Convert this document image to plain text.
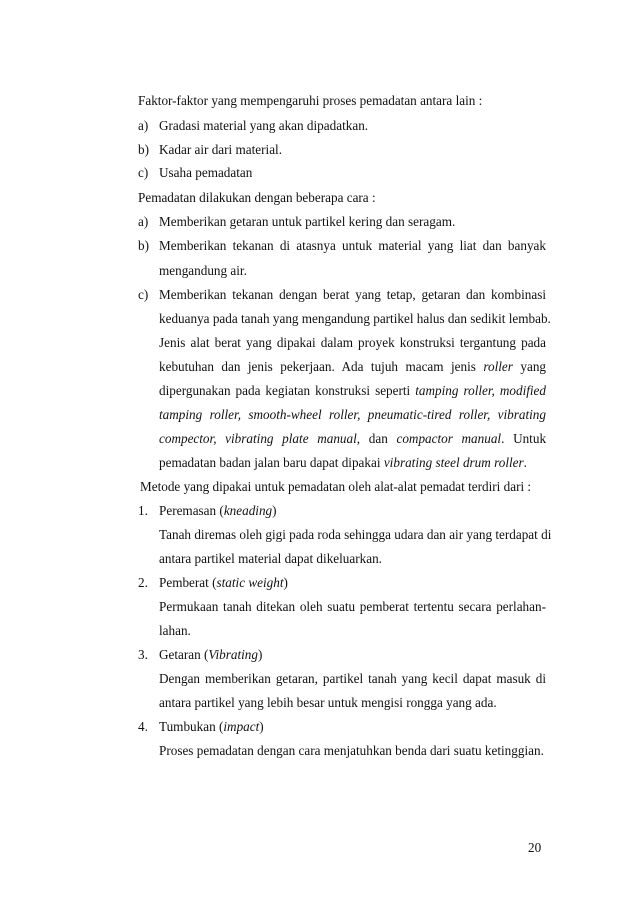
Faktor-faktor yang mempengaruhi proses pemadatan antara lain :
a) Gradasi material yang akan dipadatkan.
b) Kadar air dari material.
c) Usaha pemadatan
Pemadatan dilakukan dengan beberapa cara :
a) Memberikan getaran untuk partikel kering dan seragam.
b) Memberikan tekanan di atasnya untuk material yang liat dan banyak
mengandung air.
c) Memberikan tekanan dengan berat yang tetap, getaran dan kombinasi
keduanya pada tanah yang mengandung partikel halus dan sedikit lembab.
Jenis alat berat yang dipakai dalam proyek konstruksi tergantung pada
kebutuhan dan jenis pekerjaan. Ada tujuh macam jenis roller yang
dipergunakan pada kegiatan konstruksi seperti tamping roller, modified
tamping roller, smooth-wheel roller, pneumatic-tired roller, vibrating
compector, vibrating plate manual, dan compactor manual. Untuk
pemadatan badan jalan baru dapat dipakai vibrating steel drum roller.
Metode yang dipakai untuk pemadatan oleh alat-alat pemadat terdiri dari :
1. Peremasan (kneading)
Tanah diremas oleh gigi pada roda sehingga udara dan air yang terdapat di
antara partikel material dapat dikeluarkan.
2. Pemberat (static weight)
Permukaan tanah ditekan oleh suatu pemberat tertentu secara perlahan-
lahan.
3. Getaran (Vibrating)
Dengan memberikan getaran, partikel tanah yang kecil dapat masuk di
antara partikel yang lebih besar untuk mengisi rongga yang ada.
4. Tumbukan (impact)
Proses pemadatan dengan cara menjatuhkan benda dari suatu ketinggian.
20
